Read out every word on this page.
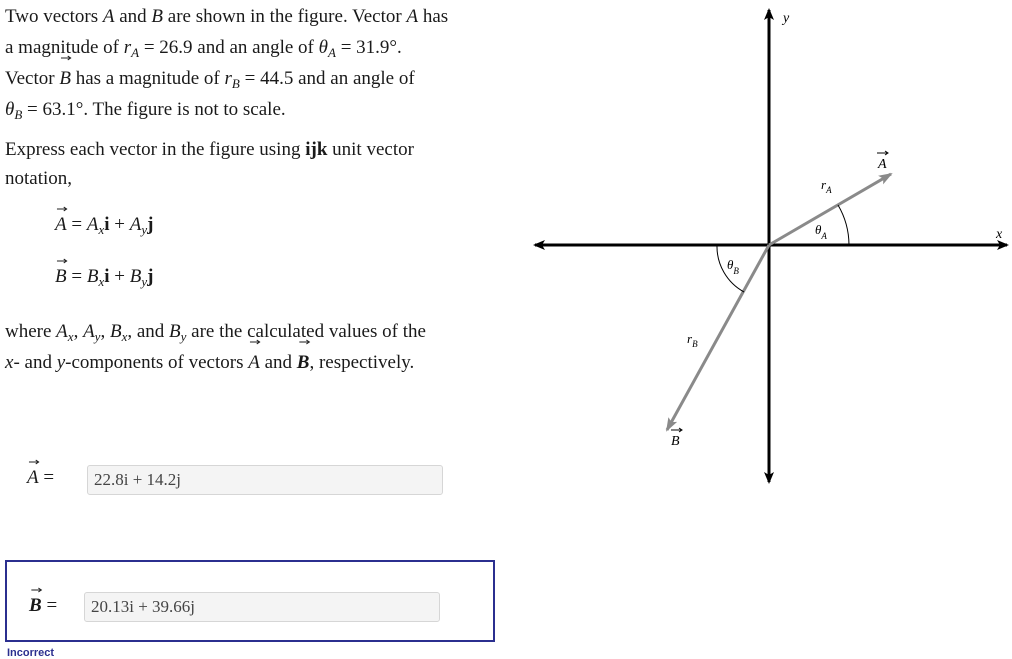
Two vectors A
and B
are shown in the figure. Vector A
has
a magnitude of $r_A = 26.9$ and an angle of $\theta_A = 31.9^\circ$.
Vector B
has a magnitude of $r_B = 44.5$ and an angle of
$\theta_B = 63.1^\circ$. The figure is not to scale.
Express each vector in the figure using ijk unit vector notation,
A
= $A_xi + A_yj$
B
= $B_xi + B_yj$
where $A_x$, $A_y$, $B_x$, and $B_y$ are the calculated values of the
x- and y-components of vectors A
and B
, respectively.
A
=
22.8i + 14.2j
B
=
20.13i + 39.66j
Incorrect
y
x
A
B
$r_A$
$r_B$
$\theta_A$
$\theta_B$
